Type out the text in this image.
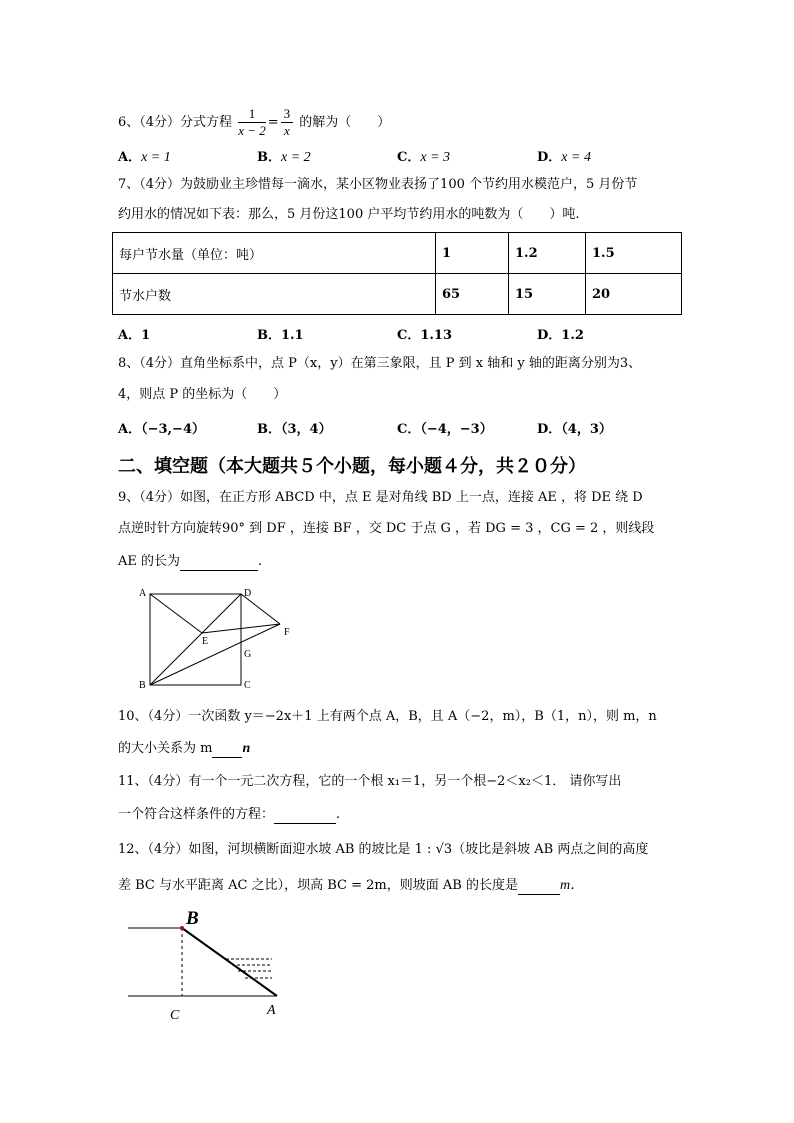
6、（4分）分式方程 $\frac{1}{x - 2} = \frac{3}{x}$ 的解为（　　）
A．x = 1	B．x = 2	C．x = 3	D．x = 4
7、（4分）为鼓励业主珍惜每一滴水，某小区物业表扬了100 个节约用水模范户，5 月份节
约用水的情况如下表：那么，5 月份这100 户平均节约用水的吨数为（　　）吨.
每户节水量（单位：吨）	1	1.2	1.5
节水户数	65	15	20
A．1	B．1.1	C．1.13	D．1.2
8、（4分）直角坐标系中，点 P（x，y）在第三象限，且 P 到 x 轴和 y 轴的距离分别为3、
4，则点 P 的坐标为（　　）
A．（−3,−4）	B．（3，4）	C．（−4，−3）	D．（4，3）
二、填空题（本大题共５个小题，每小题４分，共２０分）
9、（4分）如图，在正方形 ABCD 中，点 E 是对角线 BD 上一点，连接 AE ，将 DE 绕 D
点逆时针方向旋转90° 到 DF ，连接 BF ，交 DC 于点 G ，若 DG = 3 ，CG = 2 ，则线段
AE 的长为	.
A	D
E
F
G
B	C
10、（4分）一次函数 y＝−2x＋1 上有两个点 A，B，且 A（−2，m），B（1，n），则 m，n
的大小关系为 m n
11、（4分）有一个一元二次方程，它的一个根 x₁＝1，另一个根−2＜x₂＜1． 请你写出
一个符合这样条件的方程：	.
12、（4分）如图，河坝横断面迎水坡 AB 的坡比是 1 : √3（坡比是斜坡 AB 两点之间的高度
差 BC 与水平距离 AC 之比），坝高 BC = 2m，则坡面 AB 的长度是	m．
B
C	A
